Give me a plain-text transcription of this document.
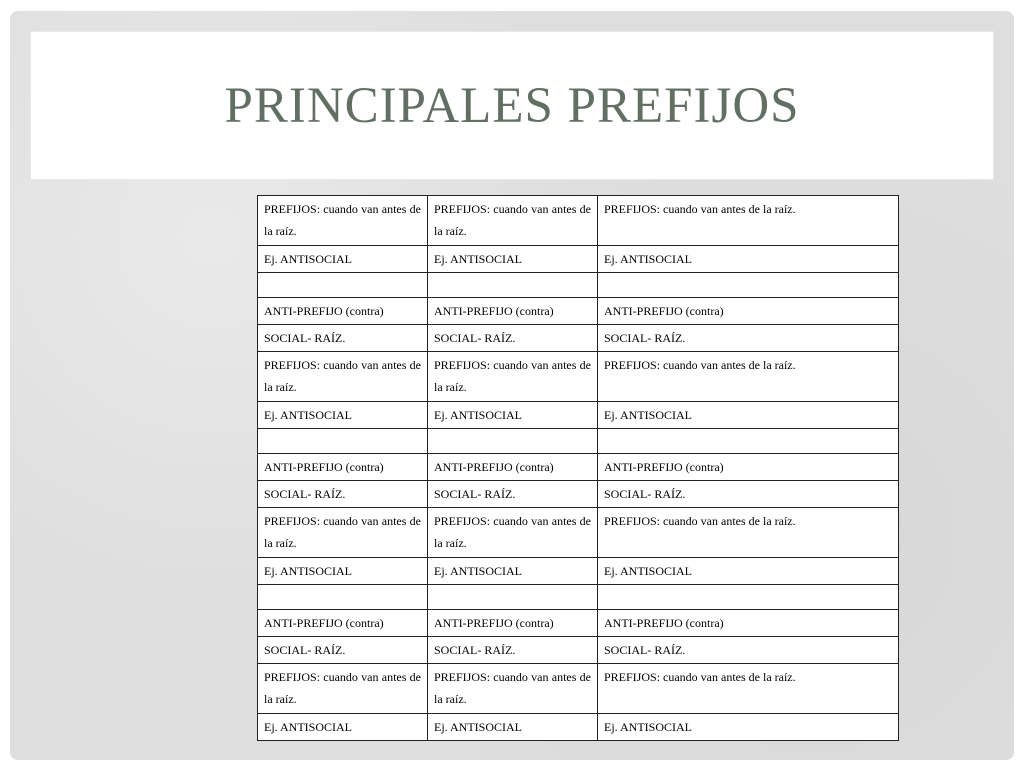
PRINCIPALES PREFIJOS
PREFIJOS: cuando van antes de la raíz.	PREFIJOS: cuando van antes de la raíz.	PREFIJOS: cuando van antes de la raíz.
Ej. ANTISOCIAL	Ej. ANTISOCIAL	Ej. ANTISOCIAL

ANTI-PREFIJO (contra)	ANTI-PREFIJO (contra)	ANTI-PREFIJO (contra)
SOCIAL- RAÍZ.	SOCIAL- RAÍZ.	SOCIAL- RAÍZ.
PREFIJOS: cuando van antes de la raíz.	PREFIJOS: cuando van antes de la raíz.	PREFIJOS: cuando van antes de la raíz.
Ej. ANTISOCIAL	Ej. ANTISOCIAL	Ej. ANTISOCIAL

ANTI-PREFIJO (contra)	ANTI-PREFIJO (contra)	ANTI-PREFIJO (contra)
SOCIAL- RAÍZ.	SOCIAL- RAÍZ.	SOCIAL- RAÍZ.
PREFIJOS: cuando van antes de la raíz.	PREFIJOS: cuando van antes de la raíz.	PREFIJOS: cuando van antes de la raíz.
Ej. ANTISOCIAL	Ej. ANTISOCIAL	Ej. ANTISOCIAL

ANTI-PREFIJO (contra)	ANTI-PREFIJO (contra)	ANTI-PREFIJO (contra)
SOCIAL- RAÍZ.	SOCIAL- RAÍZ.	SOCIAL- RAÍZ.
PREFIJOS: cuando van antes de la raíz.	PREFIJOS: cuando van antes de la raíz.	PREFIJOS: cuando van antes de la raíz.
Ej. ANTISOCIAL	Ej. ANTISOCIAL	Ej. ANTISOCIAL
